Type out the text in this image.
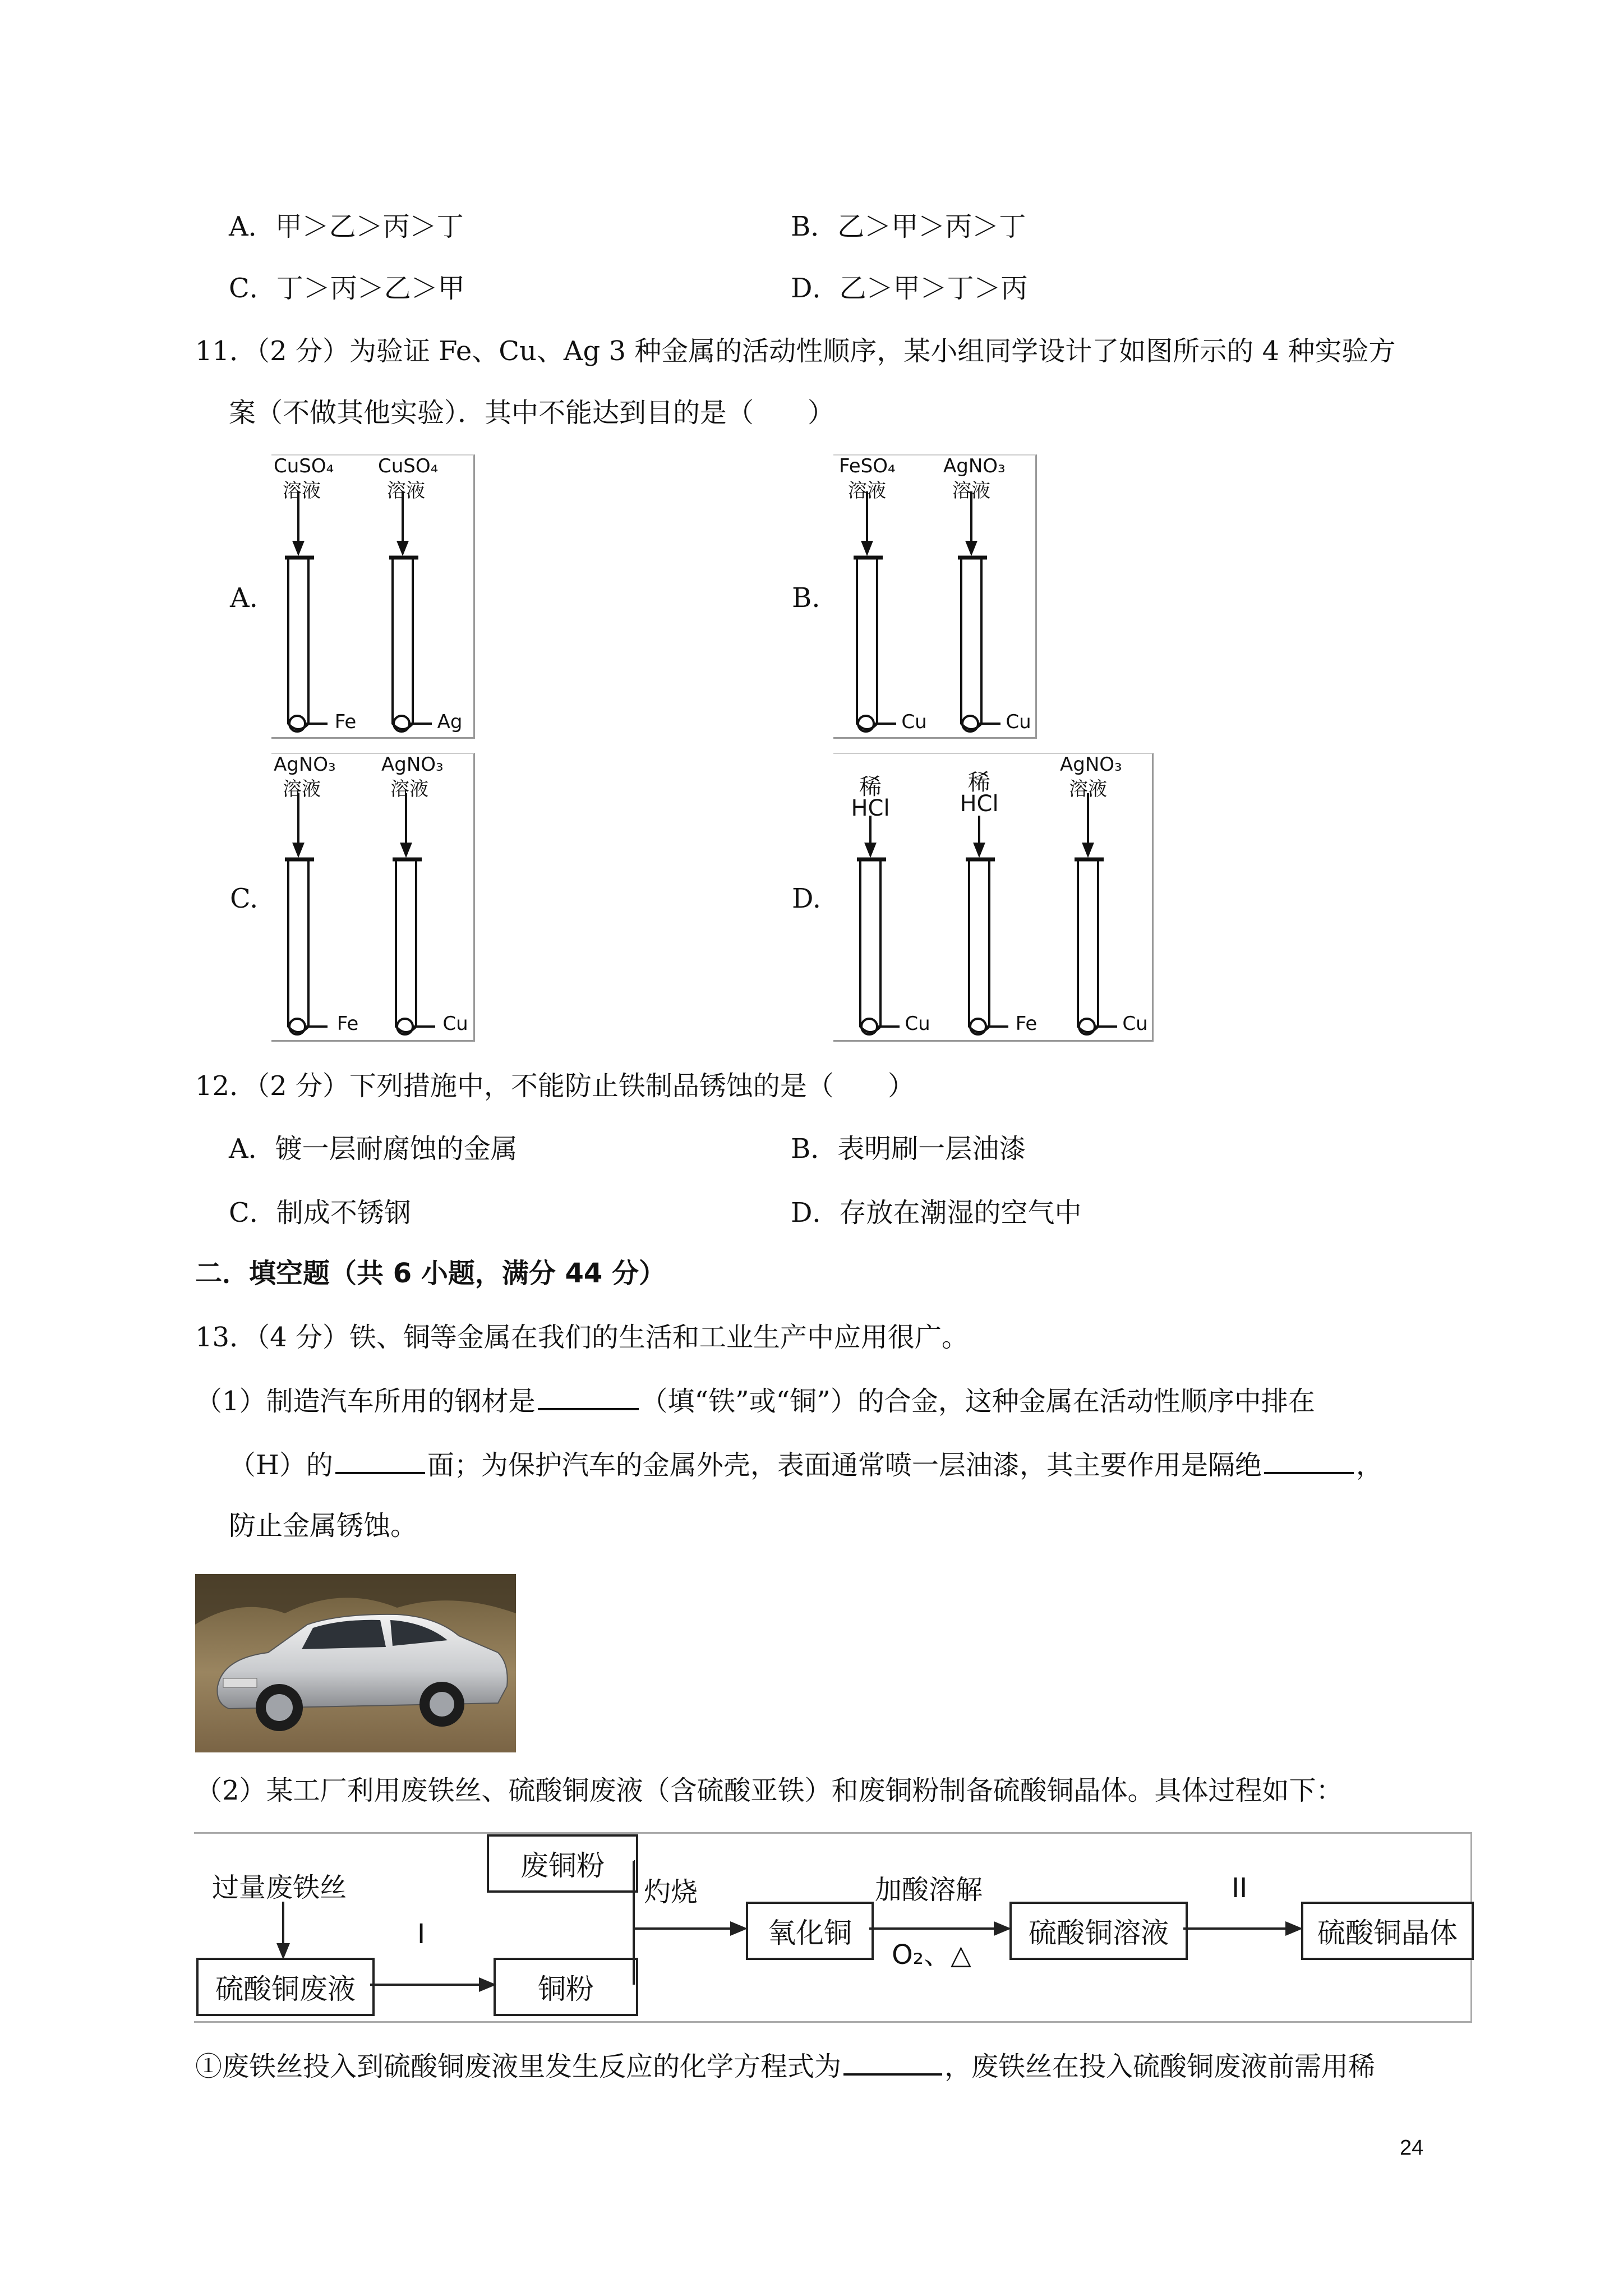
A．甲＞乙＞丙＞丁	B．乙＞甲＞丙＞丁
C．丁＞丙＞乙＞甲	D．乙＞甲＞丁＞丙
11．（2 分）为验证 Fe、Cu、Ag 3 种金属的活动性顺序，某小组同学设计了如图所示的 4 种实验方
案（不做其他实验）．其中不能达到目的是（　　）
A.
CuSO₄
溶液
Fe
CuSO₄
溶液
Ag
B.
FeSO₄
溶液
Cu
AgNO₃
溶液
Cu
C.
AgNO₃
溶液
Fe
AgNO₃
溶液
Cu
D.
稀HCl
Cu
稀HCl
Fe
AgNO₃
溶液
Cu
12．（2 分）下列措施中，不能防止铁制品锈蚀的是（　　）
A．镀一层耐腐蚀的金属	B．表明刷一层油漆
C．制成不锈钢	D．存放在潮湿的空气中
二．填空题（共 6 小题，满分 44 分）
13．（4 分）铁、铜等金属在我们的生活和工业生产中应用很广。
（1）制造汽车所用的钢材是	（填“铁”或“铜”）的合金，这种金属在活动性顺序中排在
（H）的	面；为保护汽车的金属外壳，表面通常喷一层油漆，其主要作用是隔绝	，
防止金属锈蚀。
（2）某工厂利用废铁丝、硫酸铜废液（含硫酸亚铁）和废铜粉制备硫酸铜晶体。具体过程如下：
过量废铁丝
硫酸铜废液	铜粉
废铜粉
氧化铜	硫酸铜溶液	硫酸铜晶体
I
灼烧	加酸溶解
O₂、△
II
①废铁丝投入到硫酸铜废液里发生反应的化学方程式为	，废铁丝在投入硫酸铜废液前需用稀
24
